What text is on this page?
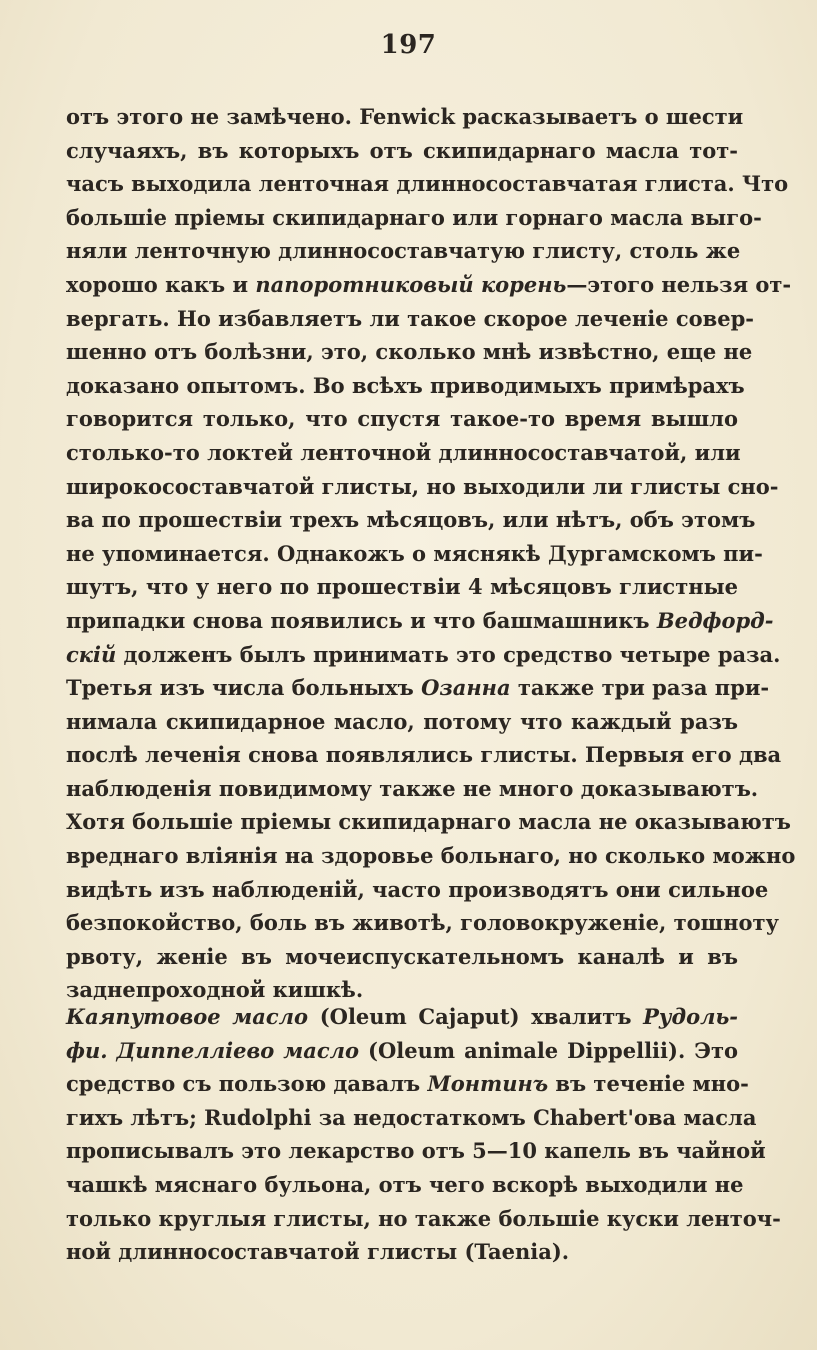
197
отъ этого не замѣчено. Fenwick расказываетъ о шести
случаяхъ, въ которыхъ отъ скипидарнаго масла тот-
часъ выходила ленточная длинносоставчатая глиста. Что
большіе пріемы скипидарнаго или горнаго масла выго-
няли ленточную длинносоставчатую глисту, столь же
хорошо какъ и папоротниковый корень—этого нельзя от-
вергать. Но избавляетъ ли такое скорое леченіе совер-
шенно отъ болѣзни, это, сколько мнѣ извѣстно, еще не
доказано опытомъ. Во всѣхъ приводимыхъ примѣрахъ
говорится только, что спустя такое-то время вышло
столько-то локтей ленточной длинносоставчатой, или
широкосоставчатой глисты, но выходили ли глисты сно-
ва по прошествіи трехъ мѣсяцовъ, или нѣтъ, объ этомъ
не упоминается. Однакожъ о мяснякѣ Дургамскомъ пи-
шутъ, что у него по прошествіи 4 мѣсяцовъ глистные
припадки снова появились и что башмашникъ Ведфорд-
скій долженъ былъ принимать это средство четыре раза.
Третья изъ числа больныхъ Озанна также три раза при-
нимала скипидарное масло, потому что каждый разъ
послѣ леченія снова появлялись глисты. Первыя его два
наблюденія повидимому также не много доказываютъ.
Хотя большіе пріемы скипидарнаго масла не оказываютъ
вреднаго вліянія на здоровье больнаго, но сколько можно
видѣть изъ наблюденій, часто производятъ они сильное
безпокойство, боль въ животѣ, головокруженіе, тошноту
рвоту, женіе въ мочеиспускательномъ каналѣ и въ
заднепроходной кишкѣ.
Каяпутовое масло (Oleum Cajaput) хвалитъ Рудоль-
фи. Диппелліево масло (Oleum animale Dippellii). Это
средство съ пользою давалъ Монтинъ въ теченіе мно-
гихъ лѣтъ; Rudolphi за недостаткомъ Chabert'ова масла
прописывалъ это лекарство отъ 5—10 капель въ чайной
чашкѣ мяснаго бульона, отъ чего вскорѣ выходили не
только круглыя глисты, но также большіе куски ленточ-
ной длинносоставчатой глисты (Taenia).
